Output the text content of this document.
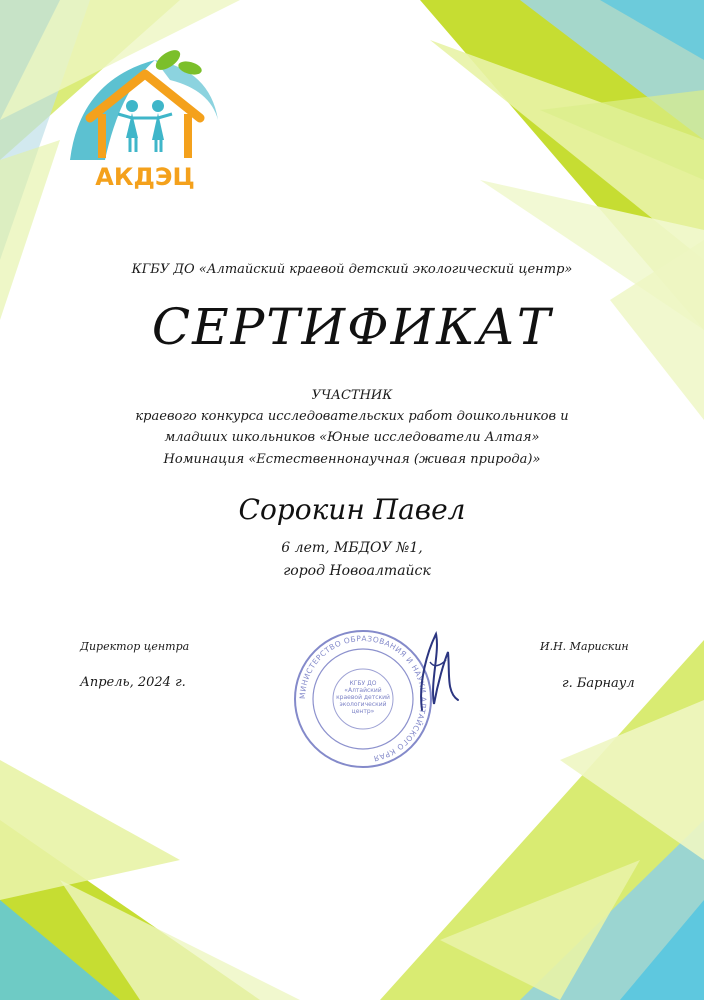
АКДЭЦ
КГБУ ДО «Алтайский краевой детский экологический центр»
СЕРТИФИКАТ
УЧАСТНИК
краевого конкурса исследовательских работ дошкольников и
младших школьников «Юные исследователи Алтая»
Номинация «Естественнонаучная (живая природа)»
Сорокин Павел
6 лет, МБДОУ №1,
город Новоалтайск
Директор центра	И.Н. Марискин
Апрель, 2024 г.	г. Барнаул
МИНИСТЕРСТВО ОБРАЗОВАНИЯ И НАУКИ АЛТАЙСКОГО КРАЯ
КГБУ ДО «Алтайский краевой детский экологический центр»
